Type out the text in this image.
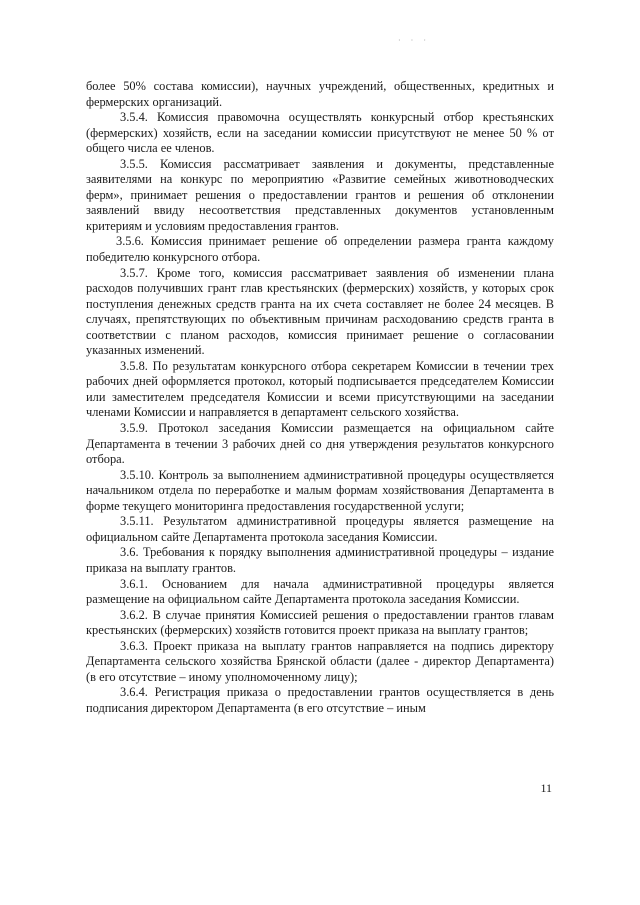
· · ·

более 50% состава комиссии), научных учреждений, общественных, кредитных и фермерских организаций.

3.5.4. Комиссия правомочна осуществлять конкурсный отбор крестьянских (фермерских) хозяйств, если на заседании комиссии присутствуют не менее 50 % от общего числа ее членов.

3.5.5. Комиссия рассматривает заявления и документы, представленные заявителями на конкурс по мероприятию «Развитие семейных животноводческих ферм», принимает решения о предоставлении грантов и решения об отклонении заявлений ввиду несоответствия представленных документов установленным критериям и условиям предоставления грантов.

3.5.6. Комиссия принимает решение об определении размера гранта каждому победителю конкурсного отбора.

3.5.7. Кроме того, комиссия рассматривает заявления об изменении плана расходов получивших грант глав крестьянских (фермерских) хозяйств, у которых срок поступления денежных средств гранта на их счета составляет не более 24 месяцев. В случаях, препятствующих по объективным причинам расходованию средств гранта в соответствии с планом расходов, комиссия принимает решение о согласовании указанных изменений.

3.5.8. По результатам конкурсного отбора секретарем Комиссии в течении трех рабочих дней оформляется протокол, который подписывается председателем Комиссии или заместителем председателя Комиссии и всеми присутствующими на заседании членами Комиссии и направляется в департамент сельского хозяйства.

3.5.9. Протокол заседания Комиссии размещается на официальном сайте Департамента в течении 3 рабочих дней со дня утверждения результатов конкурсного отбора.

3.5.10. Контроль за выполнением административной процедуры осуществляется начальником отдела по переработке и малым формам хозяйствования Департамента в форме текущего мониторинга предоставления государственной услуги;

3.5.11. Результатом административной процедуры является размещение на официальном сайте Департамента протокола заседания Комиссии.

3.6. Требования к порядку выполнения административной процедуры – издание приказа на выплату грантов.

3.6.1. Основанием для начала административной процедуры является размещение на официальном сайте Департамента протокола заседания Комиссии.

3.6.2. В случае принятия Комиссией решения о предоставлении грантов главам крестьянских (фермерских) хозяйств готовится проект приказа на выплату грантов;

3.6.3. Проект приказа на выплату грантов направляется на подпись директору Департамента сельского хозяйства Брянской области (далее - директор Департамента) (в его отсутствие – иному уполномоченному лицу);

3.6.4. Регистрация приказа о предоставлении грантов осуществляется в день подписания директором Департамента (в его отсутствие – иным

11
